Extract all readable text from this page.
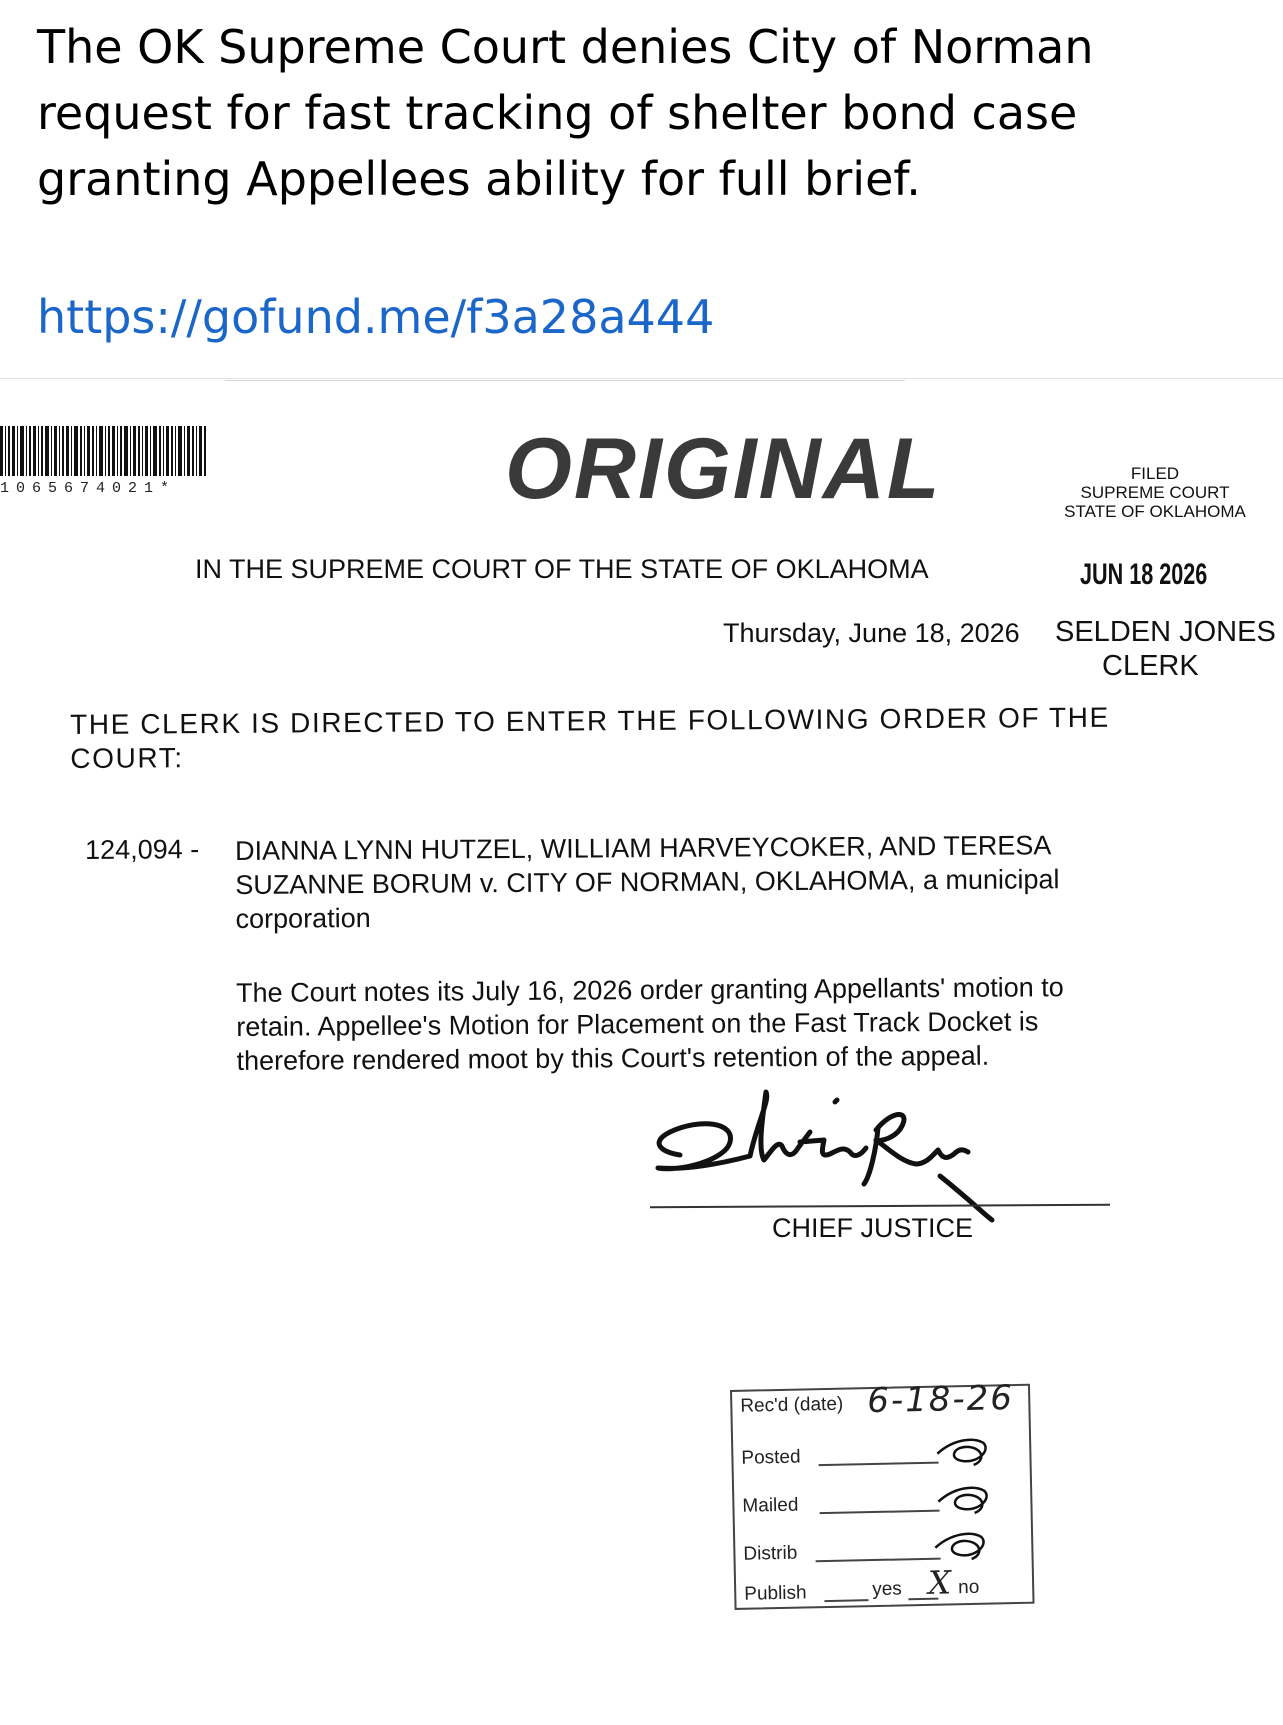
The OK Supreme Court denies City of Norman request for fast tracking of shelter bond case granting Appellees ability for full brief.
https://gofund.me/f3a28a444
1065674021*	ORIGINAL	FILED
SUPREME COURT
STATE OF OKLAHOMA
JUN 18 2026
IN THE SUPREME COURT OF THE STATE OF OKLAHOMA
Thursday, June 18, 2026 SELDEN JONES
CLERK
THE CLERK IS DIRECTED TO ENTER THE FOLLOWING ORDER OF THE COURT:
124,094 - DIANNA LYNN HUTZEL, WILLIAM HARVEYCOKER, AND TERESA SUZANNE BORUM v. CITY OF NORMAN, OKLAHOMA, a municipal corporation
The Court notes its July 16, 2026 order granting Appellants' motion to retain. Appellee's Motion for Placement on the Fast Track Docket is therefore rendered moot by this Court's retention of the appeal.
CHIEF JUSTICE
Rec'd (date) 6-18-26
Posted
Mailed
Distrib
Publish	yes X no
